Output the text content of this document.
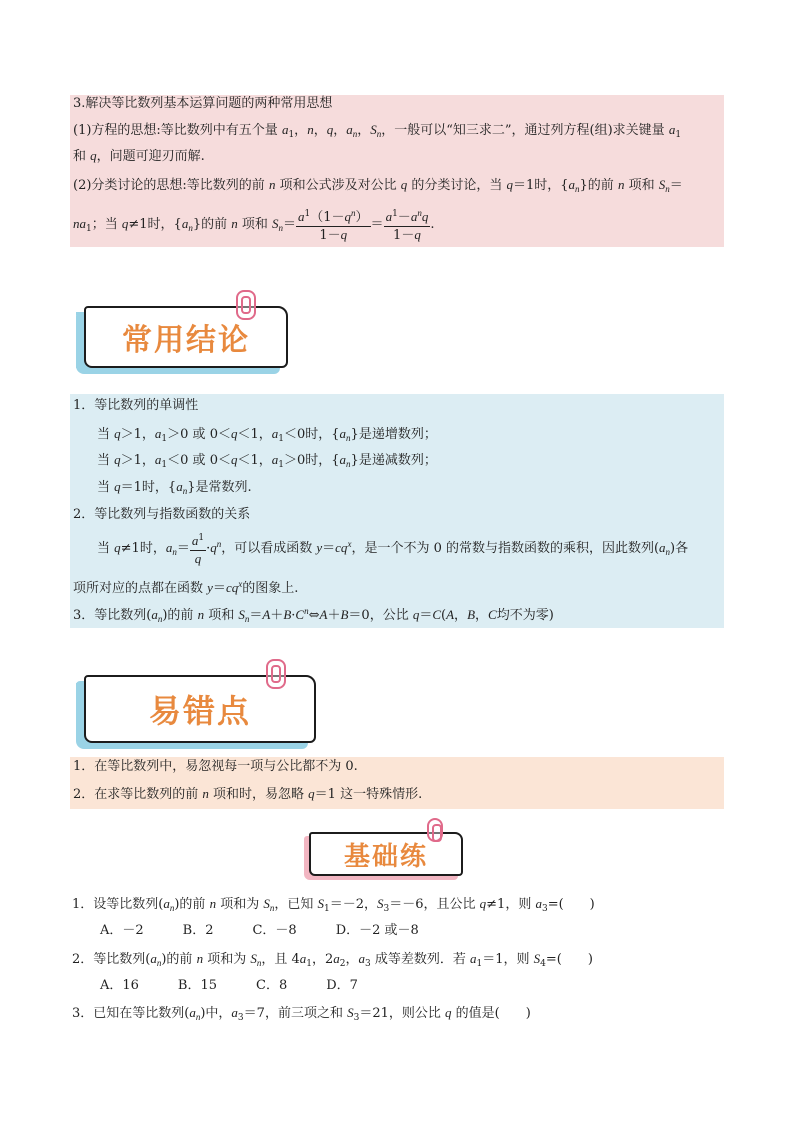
3.解决等比数列基本运算问题的两种常用思想
(1)方程的思想:等比数列中有五个量 $a_1$，n，q，$a_n$，$S_n$，一般可以“知三求二”，通过列方程(组)求关键量 $a_1$
和 q，问题可迎刃而解.
(2)分类讨论的思想:等比数列的前 n 项和公式涉及对公比 q 的分类讨论，当 q＝1时，$\{a_n\}$的前 n 项和 $S_n=$
$na_1$；当 q≠1时，$\{a_n\}$的前 n 项和 $S_n= \frac{a^1(1-q^n)}{1-q} = \frac{a^1-a^nq}{1-q}$ .
常用结论
1．等比数列的单调性
当 q＞1，$a_1>0$ 或 0＜q＜1，$a_1<0$时，$\{a_n\}$是递增数列；
当 q＞1，$a_1<0$ 或 0＜q＜1，$a_1>0$时，$\{a_n\}$是递减数列；
当 q＝1时，$\{a_n\}$是常数列.
2．等比数列与指数函数的关系
当 q≠1时，$a_n= \frac{a^1}{q} \cdot q^n$，可以看成函数 $y=cq^x$，是一个不为 0 的常数与指数函数的乘积，因此数列$(a_n)$各
项所对应的点都在函数 $y=cq^x$的图象上.
3．等比数列$(a_n)$的前 n 项和 $S_n=A+B\cdot C^n\Leftrightarrow A+B=0$，公比 q＝C(A，B，C均不为零)
易错点
1．在等比数列中，易忽视每一项与公比都不为 0.
2．在求等比数列的前 n 项和时，易忽略 q＝1 这一特殊情形.
基础练
1．设等比数列$(a_n)$的前 n 项和为 $S_n$，已知 $S_1=-2$，$S_3=-6$，且公比 q≠1，则 $a_3=$(　　)
A．－2　　　B．2　　　C．－8　　　D．－2 或－8
2．等比数列$(a_n)$的前 n 项和为 $S_n$，且 $4a_1$，$2a_2$，$a_3$ 成等差数列．若 $a_1=1$，则 $S_4=$(　　)
A．16　　　B．15　　　C．8　　　D．7
3．已知在等比数列$(a_n)$中，$a_3=7$，前三项之和 $S_3=21$，则公比 q 的值是(　　)
